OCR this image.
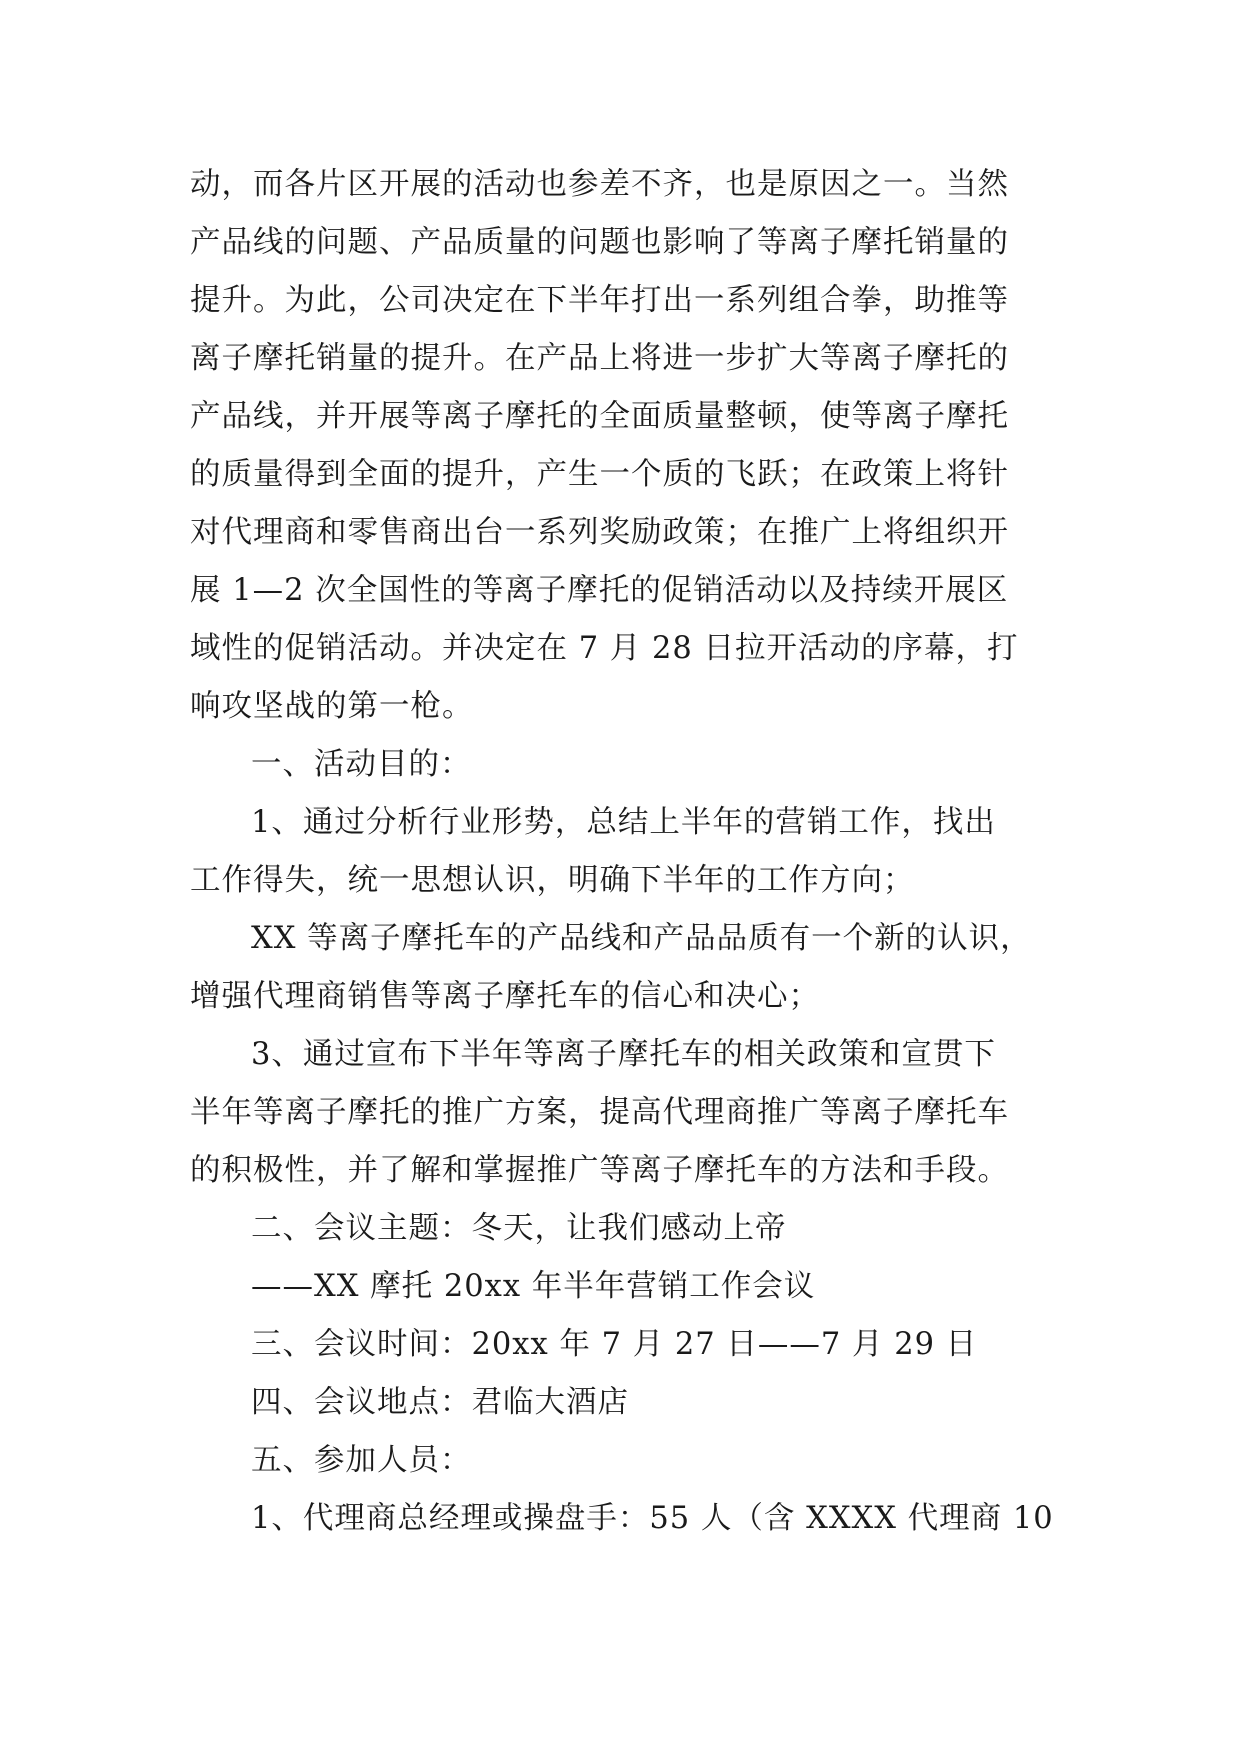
动，而各片区开展的活动也参差不齐，也是原因之一。当然
产品线的问题、产品质量的问题也影响了等离子摩托销量的
提升。为此，公司决定在下半年打出一系列组合拳，助推等
离子摩托销量的提升。在产品上将进一步扩大等离子摩托的
产品线，并开展等离子摩托的全面质量整顿，使等离子摩托
的质量得到全面的提升，产生一个质的飞跃；在政策上将针
对代理商和零售商出台一系列奖励政策；在推广上将组织开
展 1—2 次全国性的等离子摩托的促销活动以及持续开展区
域性的促销活动。并决定在 7 月 28 日拉开活动的序幕，打
响攻坚战的第一枪。
一、活动目的：
1、通过分析行业形势，总结上半年的营销工作，找出
工作得失，统一思想认识，明确下半年的工作方向；
XX 等离子摩托车的产品线和产品品质有一个新的认识，
增强代理商销售等离子摩托车的信心和决心；
3、通过宣布下半年等离子摩托车的相关政策和宣贯下
半年等离子摩托的推广方案，提高代理商推广等离子摩托车
的积极性，并了解和掌握推广等离子摩托车的方法和手段。
二、会议主题：冬天，让我们感动上帝
——XX 摩托 20xx 年半年营销工作会议
三、会议时间：20xx 年 7 月 27 日——7 月 29 日
四、会议地点：君临大酒店
五、参加人员：
1、代理商总经理或操盘手：55 人（含 XXXX 代理商 10
